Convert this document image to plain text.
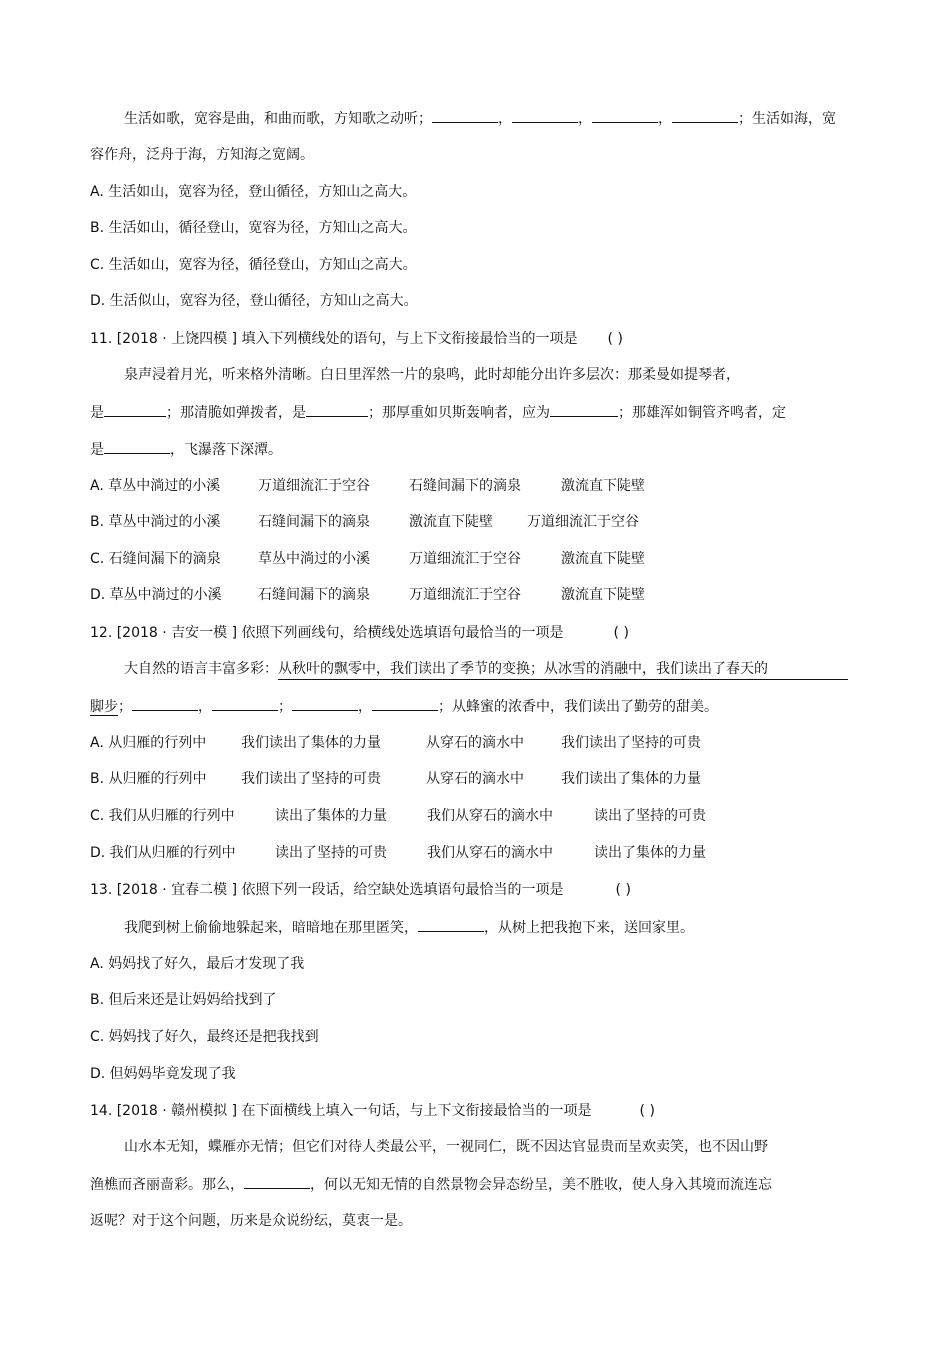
生活如歌，宽容是曲，和曲而歌，方知歌之动听；	，	，	，	；生活如海，宽
容作舟，泛舟于海，方知海之宽阔。
A. 生活如山，宽容为径，登山循径，方知山之高大。
B. 生活如山，循径登山，宽容为径，方知山之高大。
C. 生活如山，宽容为径，循径登山，方知山之高大。
D. 生活似山，宽容为径，登山循径，方知山之高大。
11. [2018 · 上饶四模 ] 填入下列横线处的语句，与上下文衔接最恰当的一项是 ( )
泉声浸着月光，听来格外清晰。白日里浑然一片的泉鸣，此时却能分出许多层次：那柔曼如提琴者，
是	；那清脆如弹拨者，是	；那厚重如贝斯轰响者，应为	；那雄浑如铜管齐鸣者，定
是	，飞瀑落下深潭。
A. 草丛中淌过的小溪	万道细流汇于空谷	石缝间漏下的滴泉	激流直下陡壁
B. 草丛中淌过的小溪	石缝间漏下的滴泉	激流直下陡壁 万道细流汇于空谷
C. 石缝间漏下的滴泉	草丛中淌过的小溪	万道细流汇于空谷	激流直下陡壁
D. 草丛中淌过的小溪	石缝间漏下的滴泉	万道细流汇于空谷	激流直下陡壁
12. [2018 · 吉安一模 ] 依照下列画线句，给横线处选填语句最恰当的一项是	( )
大自然的语言丰富多彩：从秋叶的飘零中，我们读出了季节的变换；从冰雪的消融中，我们读出了春天的
脚步；	，	；	，	；从蜂蜜的浓香中，我们读出了勤劳的甜美。
A. 从归雁的行列中 我们读出了集体的力量	从穿石的滴水中	我们读出了坚持的可贵
B. 从归雁的行列中 我们读出了坚持的可贵	从穿石的滴水中	我们读出了集体的力量
C. 我们从归雁的行列中	读出了集体的力量	我们从穿石的滴水中	读出了坚持的可贵
D. 我们从归雁的行列中	读出了坚持的可贵	我们从穿石的滴水中	读出了集体的力量
13. [2018 · 宜春二模 ] 依照下列一段话，给空缺处选填语句最恰当的一项是	( )
我爬到树上偷偷地躲起来，暗暗地在那里匿笑，	，从树上把我抱下来，送回家里。
A. 妈妈找了好久，最后才发现了我
B. 但后来还是让妈妈给找到了
C. 妈妈找了好久，最终还是把我找到
D. 但妈妈毕竟发现了我
14. [2018 · 赣州模拟 ] 在下面横线上填入一句话，与上下文衔接最恰当的一项是	( )
山水本无知，蝶雁亦无情；但它们对待人类最公平，一视同仁，既不因达官显贵而呈欢卖笑，也不因山野
渔樵而吝丽啬彩。那么，	，何以无知无情的自然景物会异态纷呈，美不胜收，使人身入其境而流连忘
返呢？对于这个问题，历来是众说纷纭，莫衷一是。
